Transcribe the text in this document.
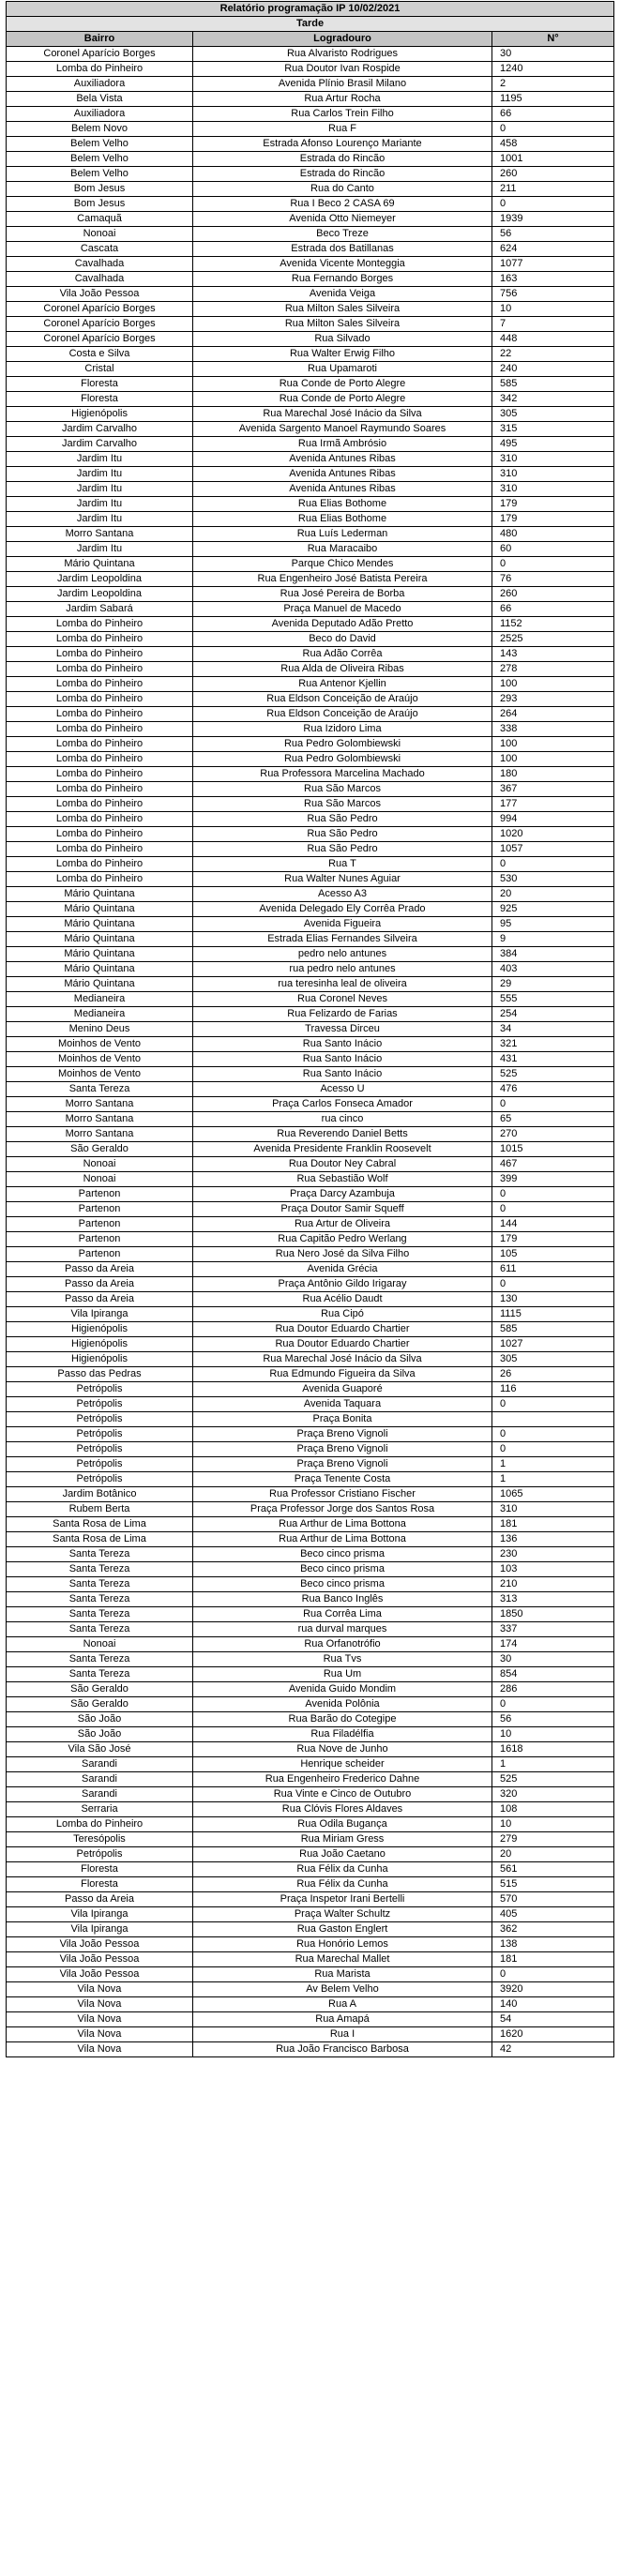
Relatório programação IP 10/02/2021		
Tarde		
Bairro	Logradouro	N°
Coronel Aparício Borges	Rua Alvaristo Rodrigues	30
Lomba do Pinheiro	Rua Doutor Ivan Rospide	1240
Auxiliadora	Avenida Plínio Brasil Milano	2
Bela Vista	Rua Artur Rocha	1195
Auxiliadora	Rua Carlos Trein Filho	66
Belem Novo	Rua F	0
Belem Velho	Estrada Afonso Lourenço Mariante	458
Belem Velho	Estrada do Rincão	1001
Belem Velho	Estrada do Rincão	260
Bom Jesus	Rua do Canto	211
Bom Jesus	Rua I Beco 2 CASA 69	0
Camaquã	Avenida Otto Niemeyer	1939
Nonoai	Beco Treze	56
Cascata	Estrada dos Batillanas	624
Cavalhada	Avenida Vicente Monteggia	1077
Cavalhada	Rua Fernando Borges	163
Vila João Pessoa	Avenida Veiga	756
Coronel Aparício Borges	Rua Milton Sales Silveira	10
Coronel Aparício Borges	Rua Milton Sales Silveira	7
Coronel Aparício Borges	Rua Silvado	448
Costa e Silva	Rua Walter Erwig Filho	22
Cristal	Rua Upamaroti	240
Floresta	Rua Conde de Porto Alegre	585
Floresta	Rua Conde de Porto Alegre	342
Higienópolis	Rua Marechal José Inácio da Silva	305
Jardim Carvalho	Avenida Sargento Manoel Raymundo Soares	315
Jardim Carvalho	Rua Irmã Ambrósio	495
Jardim Itu	Avenida Antunes Ribas	310
Jardim Itu	Avenida Antunes Ribas	310
Jardim Itu	Avenida Antunes Ribas	310
Jardim Itu	Rua Elias Bothome	179
Jardim Itu	Rua Elias Bothome	179
Morro Santana	Rua Luís Lederman	480
Jardim Itu	Rua Maracaibo	60
Mário Quintana	Parque Chico Mendes	0
Jardim Leopoldina	Rua Engenheiro José Batista Pereira	76
Jardim Leopoldina	Rua José Pereira de Borba	260
Jardim Sabará	Praça Manuel de Macedo	66
Lomba do Pinheiro	Avenida Deputado Adão Pretto	1152
Lomba do Pinheiro	Beco do David	2525
Lomba do Pinheiro	Rua Adão Corrêa	143
Lomba do Pinheiro	Rua Alda de Oliveira Ribas	278
Lomba do Pinheiro	Rua Antenor Kjellin	100
Lomba do Pinheiro	Rua Eldson Conceição de Araújo	293
Lomba do Pinheiro	Rua Eldson Conceição de Araújo	264
Lomba do Pinheiro	Rua Izidoro Lima	338
Lomba do Pinheiro	Rua Pedro Golombiewski	100
Lomba do Pinheiro	Rua Pedro Golombiewski	100
Lomba do Pinheiro	Rua Professora Marcelina Machado	180
Lomba do Pinheiro	Rua São Marcos	367
Lomba do Pinheiro	Rua São Marcos	177
Lomba do Pinheiro	Rua São Pedro	994
Lomba do Pinheiro	Rua São Pedro	1020
Lomba do Pinheiro	Rua São Pedro	1057
Lomba do Pinheiro	Rua T	0
Lomba do Pinheiro	Rua Walter Nunes Aguiar	530
Mário Quintana	Acesso A3	20
Mário Quintana	Avenida Delegado Ely Corrêa Prado	925
Mário Quintana	Avenida Figueira	95
Mário Quintana	Estrada Elias Fernandes Silveira	9
Mário Quintana	pedro nelo antunes	384
Mário Quintana	rua pedro nelo antunes	403
Mário Quintana	rua teresinha leal de oliveira	29
Medianeira	Rua Coronel Neves	555
Medianeira	Rua Felizardo de Farias	254
Menino Deus	Travessa Dirceu	34
Moinhos de Vento	Rua Santo Inácio	321
Moinhos de Vento	Rua Santo Inácio	431
Moinhos de Vento	Rua Santo Inácio	525
Santa Tereza	Acesso U	476
Morro Santana	Praça Carlos Fonseca Amador	0
Morro Santana	rua cinco	65
Morro Santana	Rua Reverendo Daniel Betts	270
São Geraldo	Avenida Presidente Franklin Roosevelt	1015
Nonoai	Rua Doutor Ney Cabral	467
Nonoai	Rua Sebastião Wolf	399
Partenon	Praça Darcy Azambuja	0
Partenon	Praça Doutor Samir Squeff	0
Partenon	Rua Artur de Oliveira	144
Partenon	Rua Capitão Pedro Werlang	179
Partenon	Rua Nero José da Silva Filho	105
Passo da Areia	Avenida Grécia	611
Passo da Areia	Praça Antônio Gildo Irigaray	0
Passo da Areia	Rua Acélio Daudt	130
Vila Ipiranga	Rua Cipó	1115
Higienópolis	Rua Doutor Eduardo Chartier	585
Higienópolis	Rua Doutor Eduardo Chartier	1027
Higienópolis	Rua Marechal José Inácio da Silva	305
Passo das Pedras	Rua Edmundo Figueira da Silva	26
Petrópolis	Avenida Guaporé	116
Petrópolis	Avenida Taquara	0
Petrópolis	Praça Bonita	
Petrópolis	Praça Breno Vignoli	0
Petrópolis	Praça Breno Vignoli	0
Petrópolis	Praça Breno Vignoli	1
Petrópolis	Praça Tenente Costa	1
Jardim Botânico	Rua Professor Cristiano Fischer	1065
Rubem Berta	Praça Professor Jorge dos Santos Rosa	310
Santa Rosa de Lima	Rua Arthur de Lima Bottona	181
Santa Rosa de Lima	Rua Arthur de Lima Bottona	136
Santa Tereza	Beco cinco prisma	230
Santa Tereza	Beco cinco prisma	103
Santa Tereza	Beco cinco prisma	210
Santa Tereza	Rua Banco Inglês	313
Santa Tereza	Rua Corrêa Lima	1850
Santa Tereza	rua durval marques	337
Nonoai	Rua Orfanotrófio	174
Santa Tereza	Rua Tvs	30
Santa Tereza	Rua Um	854
São Geraldo	Avenida Guido Mondim	286
São Geraldo	Avenida Polônia	0
São João	Rua Barão do Cotegipe	56
São João	Rua Filadélfia	10
Vila São José	Rua Nove de Junho	1618
Sarandi	Henrique scheider	1
Sarandi	Rua Engenheiro Frederico Dahne	525
Sarandi	Rua Vinte e Cinco de Outubro	320
Serraria	Rua Clóvis Flores Aldaves	108
Lomba do Pinheiro	Rua Odila Bugança	10
Teresópolis	Rua Miriam Gress	279
Petrópolis	Rua João Caetano	20
Floresta	Rua Félix da Cunha	561
Floresta	Rua Félix da Cunha	515
Passo da Areia	Praça Inspetor Irani Bertelli	570
Vila Ipiranga	Praça Walter Schultz	405
Vila Ipiranga	Rua Gaston Englert	362
Vila João Pessoa	Rua Honório Lemos	138
Vila João Pessoa	Rua Marechal Mallet	181
Vila João Pessoa	Rua Marista	0
Vila Nova	Av Belem Velho	3920
Vila Nova	Rua A	140
Vila Nova	Rua Amapá	54
Vila Nova	Rua I	1620
Vila Nova	Rua João Francisco Barbosa	42
